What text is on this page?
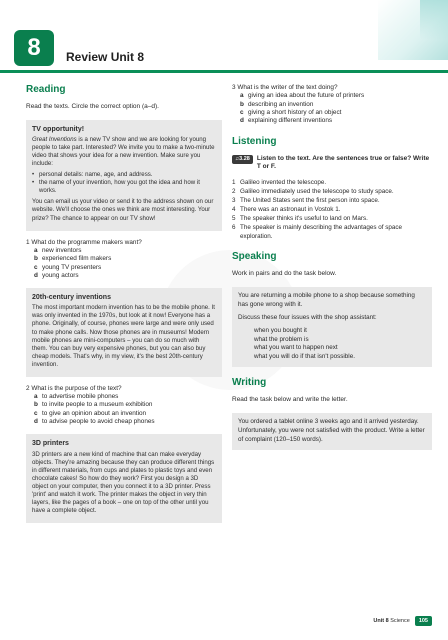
8	Review Unit 8
Reading
Read the texts. Circle the correct option (a–d).
TV opportunity!

Great Inventions is a new TV show and we are looking for young people to take part. Interested? We invite you to make a two-minute video that shows your idea for a new invention. Make sure you include:

• personal details: name, age, and address.
• the name of your invention, how you got the idea and how it works.

You can email us your video or send it to the address shown on our website. We'll choose the ones we think are most interesting. Your prize? The chance to appear on our TV show!

1 What do the programme makers want?
a new inventors
b experienced film makers
c young TV presenters
d young actors
20th-century inventions

The most important modern invention has to be the mobile phone. It was only invented in the 1970s, but look at it now! Everyone has a phone. Originally, of course, phones were large and were only used to make phone calls. Now those phones are in museums! Modern mobile phones are mini-computers – you can do so much with them. You can buy very expensive phones, but you can also buy cheap models. That's why, in my view, it's the best 20th-century invention.

2 What is the purpose of the text?
a to advertise mobile phones
b to invite people to a museum exhibition
c to give an opinion about an invention
d to advise people to avoid cheap phones
3D printers

3D printers are a new kind of machine that can make everyday objects. They're amazing because they can produce different things in different materials, from cups and plates to plastic toys and even chocolate cakes! So how do they work? First you design a 3D object on your computer, then you connect it to a 3D printer. Press 'print' and watch it work. The printer makes the object in very thin layers, like the pages of a book – one on top of the other until you have a complete object.

3 What is the writer of the text doing?
a giving an idea about the future of printers
b describing an invention
c giving a short history of an object
d explaining different inventions
Listening
♫3.28	Listen to the text. Are the sentences true or false? Write T or F.
1 Galileo invented the telescope.
2 Galileo immediately used the telescope to study space.
3 The United States sent the first person into space.
4 There was an astronaut in Vostok 1.
5 The speaker thinks it's useful to land on Mars.
6 The speaker is mainly describing the advantages of space exploration.
Speaking
Work in pairs and do the task below.

You are returning a mobile phone to a shop because something has gone wrong with it.

Discuss these four issues with the shop assistant:

when you bought it
what the problem is
what you want to happen next
what you will do if that isn't possible.
Writing
Read the task below and write the letter.
You ordered a tablet online 3 weeks ago and it arrived yesterday. Unfortunately, you were not satisfied with the product. Write a letter of complaint (120–150 words).
Unit 8 Science	105
